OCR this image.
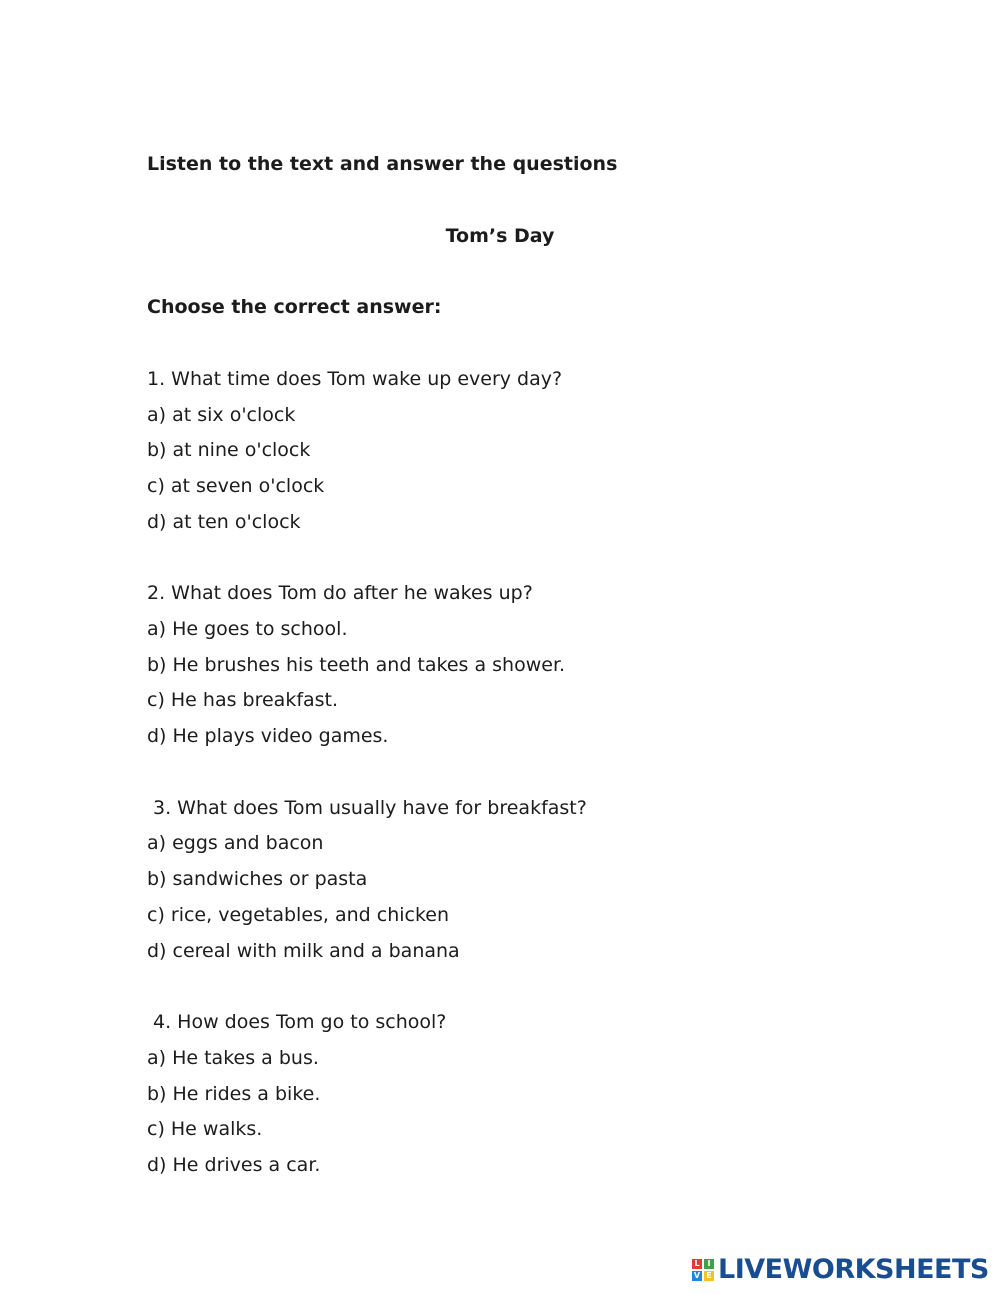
Listen to the text and answer the questions
Tom’s Day
Choose the correct answer:
1. What time does Tom wake up every day?
a) at six o'clock
b) at nine o'clock
c) at seven o'clock
d) at ten o'clock
2. What does Tom do after he wakes up?
a) He goes to school.
b) He brushes his teeth and takes a shower.
c) He has breakfast.
d) He plays video games.
3. What does Tom usually have for breakfast?
a) eggs and bacon
b) sandwiches or pasta
c) rice, vegetables, and chicken
d) cereal with milk and a banana
4. How does Tom go to school?
a) He takes a bus.
b) He rides a bike.
c) He walks.
d) He drives a car.
L I
V E LIVEWORKSHEETS
